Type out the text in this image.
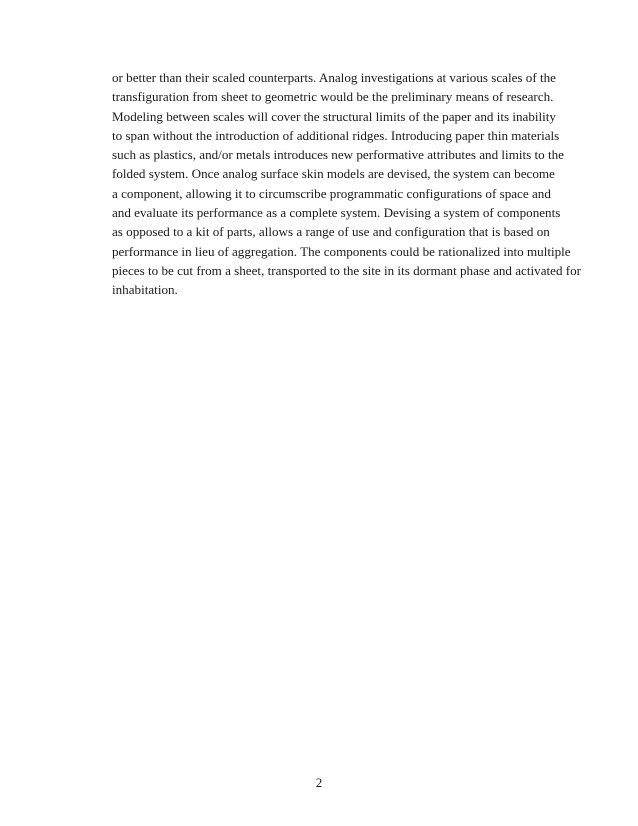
or better than their scaled counterparts. Analog investigations at various scales of the
transfiguration from sheet to geometric would be the preliminary means of research.
Modeling between scales will cover the structural limits of the paper and its inability
to span without the introduction of additional ridges. Introducing paper thin materials
such as plastics, and/or metals introduces new performative attributes and limits to the
folded system. Once analog surface skin models are devised, the system can become
a component, allowing it to circumscribe programmatic configurations of space and
and evaluate its performance as a complete system. Devising a system of components
as opposed to a kit of parts, allows a range of use and configuration that is based on
performance in lieu of aggregation. The components could be rationalized into multiple
pieces to be cut from a sheet, transported to the site in its dormant phase and activated for
inhabitation.
2
